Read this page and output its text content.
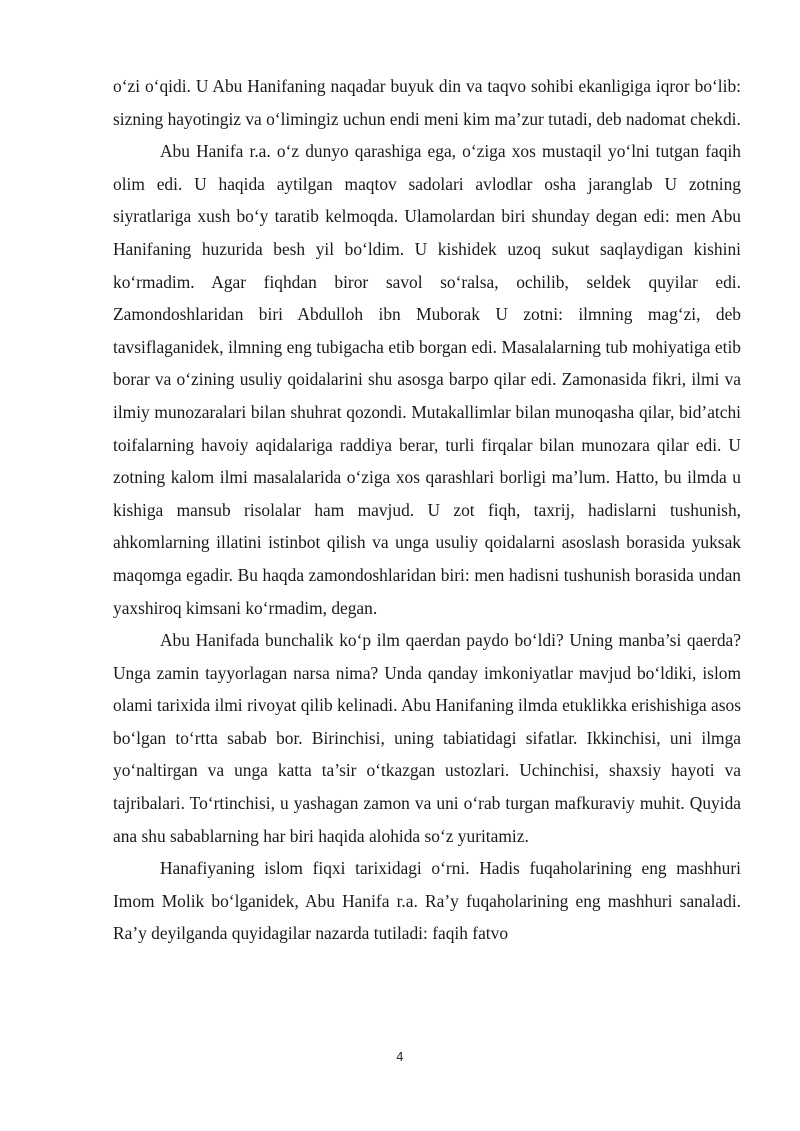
o‘zi o‘qidi. U Abu Hanifaning naqadar buyuk din va taqvo sohibi ekanligiga iqror bo‘lib: sizning hayotingiz va o‘limingiz uchun endi meni kim ma’zur tutadi, deb nadomat chekdi.

Abu Hanifa r.a. o‘z dunyo qarashiga ega, o‘ziga xos mustaqil yo‘lni tutgan faqih olim edi. U haqida aytilgan maqtov sadolari avlodlar osha jaranglab U zotning siyratlariga xush bo‘y taratib kelmoqda. Ulamolardan biri shunday degan edi: men Abu Hanifaning huzurida besh yil bo‘ldim. U kishidek uzoq sukut saqlaydigan kishini ko‘rmadim. Agar fiqhdan biror savol so‘ralsa, ochilib, seldek quyilar edi. Zamondoshlaridan biri Abdulloh ibn Muborak U zotni: ilmning mag‘zi, deb tavsiflaganidek, ilmning eng tubigacha etib borgan edi. Masalalarning tub mohiyatiga etib borar va o‘zining usuliy qoidalarini shu asosga barpo qilar edi. Zamonasida fikri, ilmi va ilmiy munozaralari bilan shuhrat qozondi. Mutakallimlar bilan munoqasha qilar, bid’atchi toifalarning havoiy aqidalariga raddiya berar, turli firqalar bilan munozara qilar edi. U zotning kalom ilmi masalalarida o‘ziga xos qarashlari borligi ma’lum. Hatto, bu ilmda u kishiga mansub risolalar ham mavjud. U zot fiqh, taxrij, hadislarni tushunish, ahkomlarning illatini istinbot qilish va unga usuliy qoidalarni asoslash borasida yuksak maqomga egadir. Bu haqda zamondoshlaridan biri: men hadisni tushunish borasida undan yaxshiroq kimsani ko‘rmadim, degan.

Abu Hanifada bunchalik ko‘p ilm qaerdan paydo bo‘ldi? Uning manba’si qaerda? Unga zamin tayyorlagan narsa nima? Unda qanday imkoniyatlar mavjud bo‘ldiki, islom olami tarixida ilmi rivoyat qilib kelinadi. Abu Hanifaning ilmda etuklikka erishishiga asos bo‘lgan to‘rtta sabab bor. Birinchisi, uning tabiatidagi sifatlar. Ikkinchisi, uni ilmga yo‘naltirgan va unga katta ta’sir o‘tkazgan ustozlari. Uchinchisi, shaxsiy hayoti va tajribalari. To‘rtinchisi, u yashagan zamon va uni o‘rab turgan mafkuraviy muhit. Quyida ana shu sabablarning har biri haqida alohida so‘z yuritamiz.

Hanafiyaning islom fiqxi tarixidagi o‘rni. Hadis fuqaholarining eng mashhuri Imom Molik bo‘lganidek, Abu Hanifa r.a. Ra’y fuqaholarining eng mashhuri sanaladi. Ra’y deyilganda quyidagilar nazarda tutiladi: faqih fatvo

4
